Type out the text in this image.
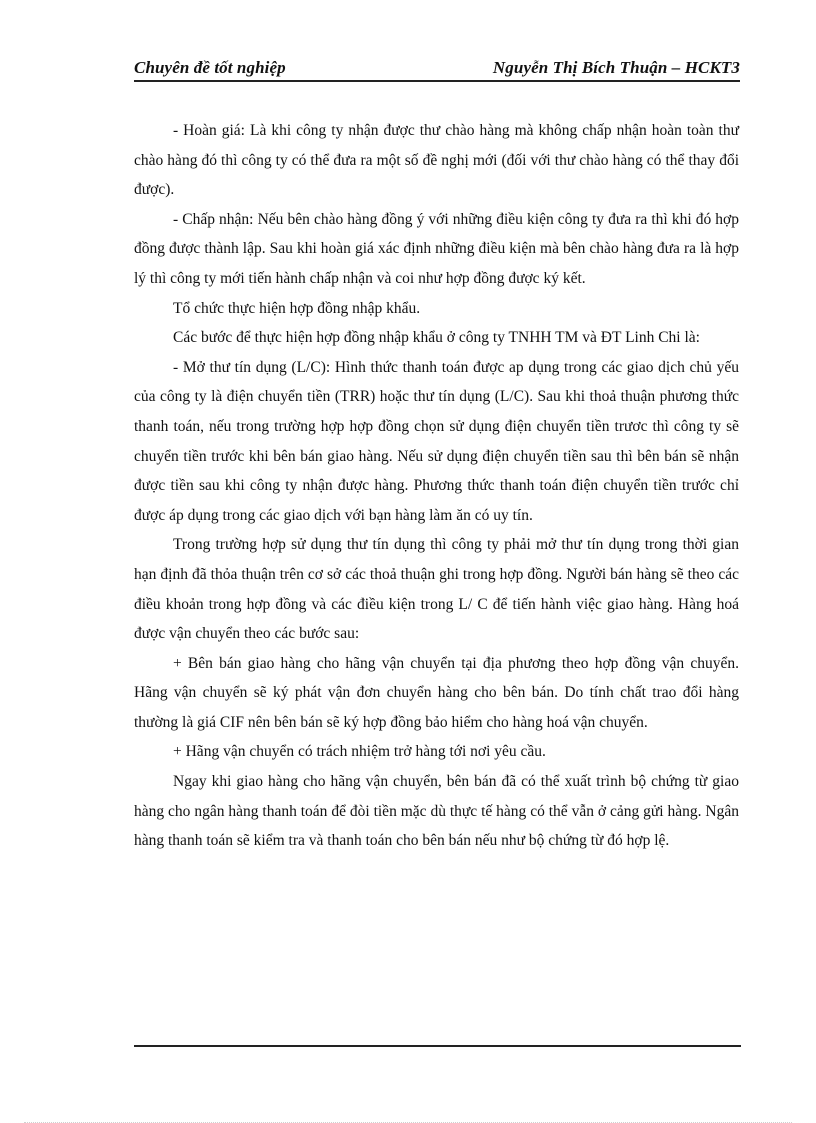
Chuyên đề tốt nghiệp	Nguyễn Thị Bích Thuận – HCKT3

- Hoàn giá: Là khi công ty nhận được thư chào hàng mà không chấp nhận hoàn toàn thư chào hàng đó thì công ty có thể đưa ra một số đề nghị mới (đối với thư chào hàng có thể thay đổi được).

- Chấp nhận: Nếu bên chào hàng đồng ý với những điều kiện công ty đưa ra thì khi đó hợp đồng được thành lập. Sau khi hoàn giá xác định những điều kiện mà bên chào hàng đưa ra là hợp lý thì công ty mới tiến hành chấp nhận và coi như hợp đồng được ký kết.

Tổ chức thực hiện hợp đồng nhập khẩu.

Các bước để thực hiện hợp đồng nhập khẩu ở công ty TNHH TM và ĐT Linh Chi là:

- Mở thư tín dụng (L/C): Hình thức thanh toán được ap dụng trong các giao dịch chủ yếu của công ty là điện chuyển tiền (TRR) hoặc thư tín dụng (L/C). Sau khi thoả thuận phương thức thanh toán, nếu trong trường hợp hợp đồng chọn sử dụng điện chuyển tiền trươc thì công ty sẽ chuyển tiền trước khi bên bán giao hàng. Nếu sử dụng điện chuyển tiền sau thì bên bán sẽ nhận được tiền sau khi công ty nhận được hàng. Phương thức thanh toán điện chuyển tiền trước chỉ được áp dụng trong các giao dịch với bạn hàng làm ăn có uy tín.

Trong trường hợp sử dụng thư tín dụng thì công ty phải mở thư tín dụng trong thời gian hạn định đã thỏa thuận trên cơ sở các thoả thuận ghi trong hợp đồng. Người bán hàng sẽ theo các điều khoản trong hợp đồng và các điều kiện trong L/ C để tiến hành việc giao hàng. Hàng hoá được vận chuyển theo các bước sau:

+ Bên bán giao hàng cho hãng vận chuyển tại địa phương theo hợp đồng vận chuyển. Hãng vận chuyển sẽ ký phát vận đơn chuyển hàng cho bên bán. Do tính chất trao đổi hàng thường là giá CIF nên bên bán sẽ ký hợp đồng bảo hiểm cho hàng hoá vận chuyển.

+ Hãng vận chuyển có trách nhiệm trở hàng tới nơi yêu cầu.

Ngay khi giao hàng cho hãng vận chuyển, bên bán đã có thể xuất trình bộ chứng từ giao hàng cho ngân hàng thanh toán để đòi tiền mặc dù thực tế hàng có thể vẫn ở cảng gửi hàng. Ngân hàng thanh toán sẽ kiểm tra và thanh toán cho bên bán nếu như bộ chứng từ đó hợp lệ.
